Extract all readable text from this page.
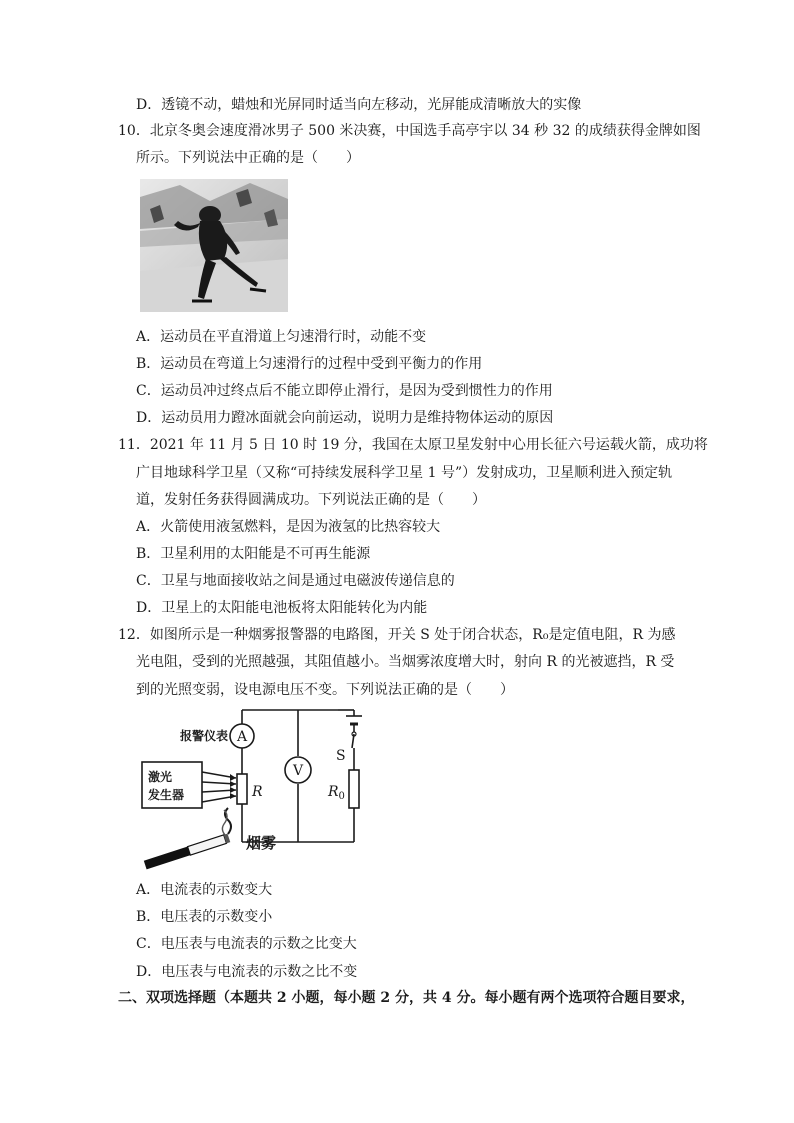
D．透镜不动，蜡烛和光屏同时适当向左移动，光屏能成清晰放大的实像
10．北京冬奥会速度滑冰男子 500 米决赛，中国选手高亭宇以 34 秒 32 的成绩获得金牌如图
所示。下列说法中正确的是（　　）
A．运动员在平直滑道上匀速滑行时，动能不变
B．运动员在弯道上匀速滑行的过程中受到平衡力的作用
C．运动员冲过终点后不能立即停止滑行，是因为受到惯性力的作用
D．运动员用力蹬冰面就会向前运动，说明力是维持物体运动的原因
11．2021 年 11 月 5 日 10 时 19 分，我国在太原卫星发射中心用长征六号运载火箭，成功将
广目地球科学卫星（又称“可持续发展科学卫星 1 号”）发射成功，卫星顺利进入预定轨
道，发射任务获得圆满成功。下列说法正确的是（　　）
A．火箭使用液氢燃料，是因为液氢的比热容较大
B．卫星利用的太阳能是不可再生能源
C．卫星与地面接收站之间是通过电磁波传递信息的
D．卫星上的太阳能电池板将太阳能转化为内能
12．如图所示是一种烟雾报警器的电路图，开关 S 处于闭合状态，R₀是定值电阻，R 为感
光电阻，受到的光照越强，其阻值越小。当烟雾浓度增大时，射向 R 的光被遮挡，R 受
到的光照变弱，设电源电压不变。下列说法正确的是（　　）
A
V
R
S
$R_0$
报警仪表
激光
发生器
烟雾
A．电流表的示数变大
B．电压表的示数变小
C．电压表与电流表的示数之比变大
D．电压表与电流表的示数之比不变
二、双项选择题（本题共 2 小题，每小题 2 分，共 4 分。每小题有两个选项符合题目要求，
